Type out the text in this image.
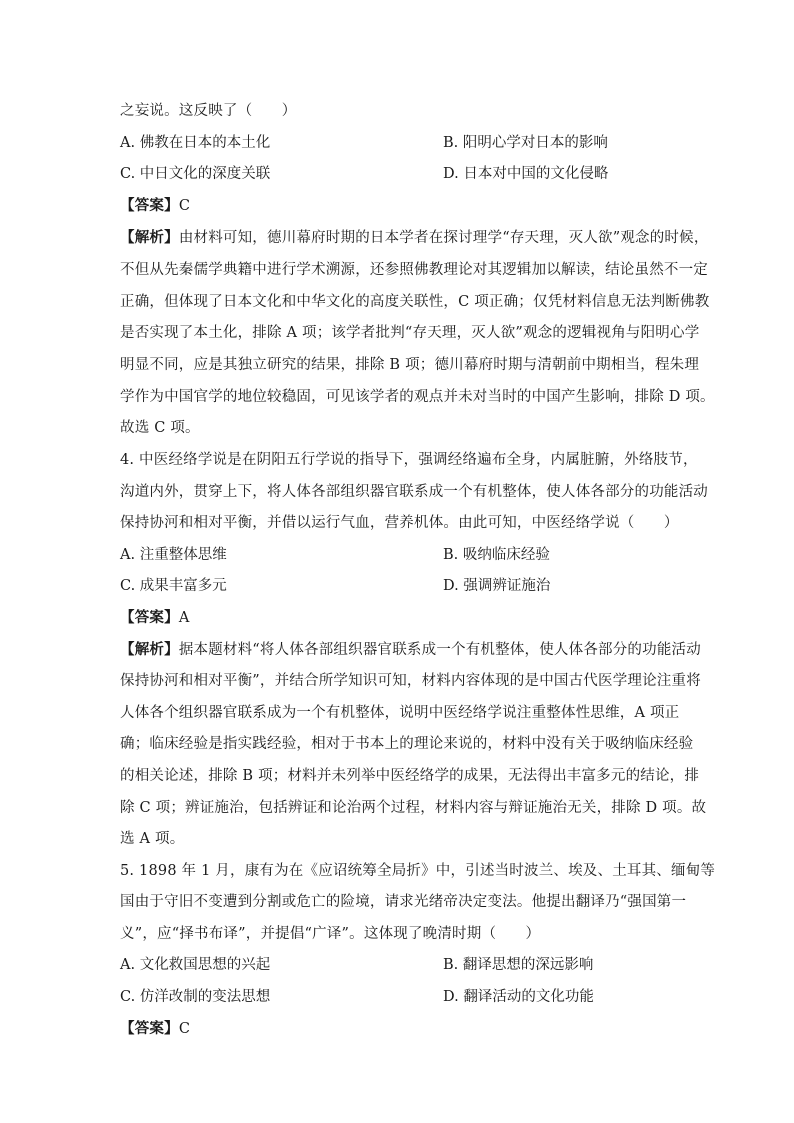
之妄说。这反映了（　　）
A. 佛教在日本的本土化	B. 阳明心学对日本的影响
C. 中日文化的深度关联	D. 日本对中国的文化侵略
【答案】C
【解析】由材料可知，德川幕府时期的日本学者在探讨理学“存天理，灭人欲”观念的时候，
不但从先秦儒学典籍中进行学术溯源，还参照佛教理论对其逻辑加以解读，结论虽然不一定
正确，但体现了日本文化和中华文化的高度关联性，C 项正确；仅凭材料信息无法判断佛教
是否实现了本土化，排除 A 项；该学者批判“存天理，灭人欲”观念的逻辑视角与阳明心学
明显不同，应是其独立研究的结果，排除 B 项；德川幕府时期与清朝前中期相当，程朱理
学作为中国官学的地位较稳固，可见该学者的观点并未对当时的中国产生影响，排除 D 项。
故选 C 项。
4. 中医经络学说是在阴阳五行学说的指导下，强调经络遍布全身，内属脏腑，外络肢节，
沟道内外，贯穿上下，将人体各部组织器官联系成一个有机整体，使人体各部分的功能活动
保持协河和相对平衡，并借以运行气血，营养机体。由此可知，中医经络学说（　　）
A. 注重整体思维	B. 吸纳临床经验
C. 成果丰富多元	D. 强调辨证施治
【答案】A
【解析】据本题材料“将人体各部组织器官联系成一个有机整体，使人体各部分的功能活动
保持协河和相对平衡”，并结合所学知识可知，材料内容体现的是中国古代医学理论注重将
人体各个组织器官联系成为一个有机整体，说明中医经络学说注重整体性思维，A 项正
确；临床经验是指实践经验，相对于书本上的理论来说的，材料中没有关于吸纳临床经验
的相关论述，排除 B 项；材料并未列举中医经络学的成果，无法得出丰富多元的结论，排
除 C 项；辨证施治，包括辨证和论治两个过程，材料内容与辩证施治无关，排除 D 项。故
选 A 项。
5. 1898 年 1 月，康有为在《应诏统筹全局折》中，引述当时波兰、埃及、土耳其、缅甸等
国由于守旧不变遭到分割或危亡的险境，请求光绪帝决定变法。他提出翻译乃“强国第一
义”，应“择书布译”，并提倡“广译”。这体现了晚清时期（　　）
A. 文化救国思想的兴起	B. 翻译思想的深远影响
C. 仿洋改制的变法思想	D. 翻译活动的文化功能
【答案】C
